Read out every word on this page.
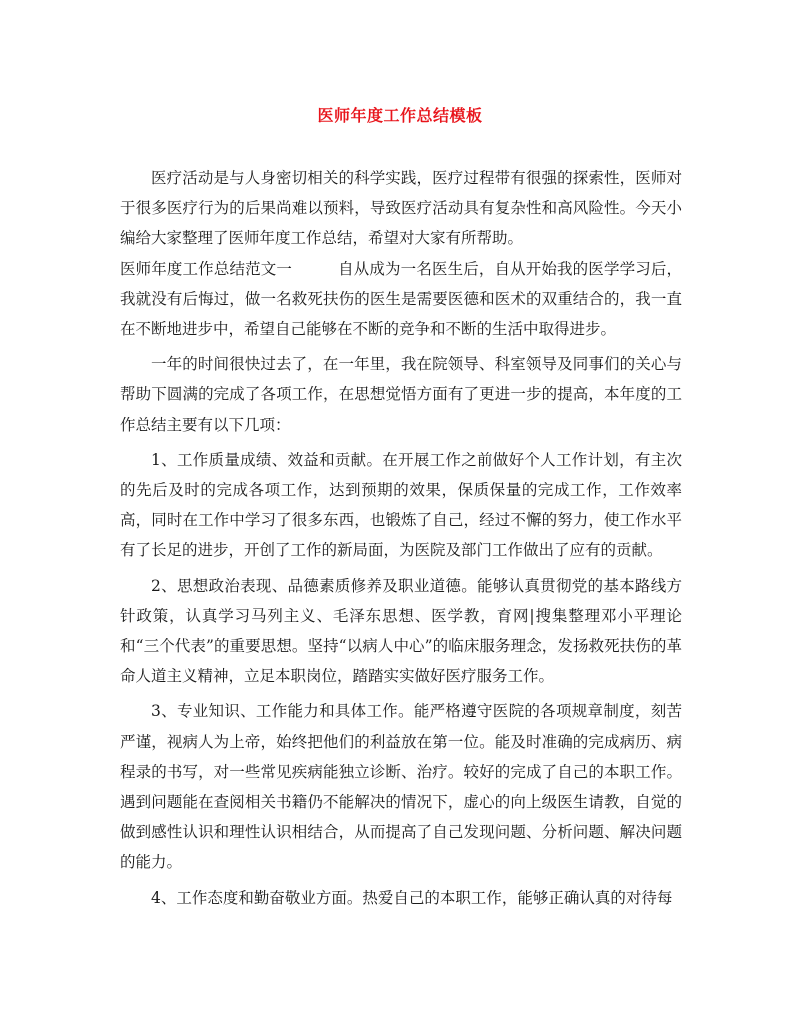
医师年度工作总结模板

医疗活动是与人身密切相关的科学实践，医疗过程带有很强的探索性，医师对于很多医疗行为的后果尚难以预料，导致医疗活动具有复杂性和高风险性。今天小编给大家整理了医师年度工作总结，希望对大家有所帮助。

医师年度工作总结范文一	自从成为一名医生后，自从开始我的医学学习后，我就没有后悔过，做一名救死扶伤的医生是需要医德和医术的双重结合的，我一直在不断地进步中，希望自己能够在不断的竞争和不断的生活中取得进步。

一年的时间很快过去了，在一年里，我在院领导、科室领导及同事们的关心与帮助下圆满的完成了各项工作，在思想觉悟方面有了更进一步的提高，本年度的工作总结主要有以下几项：

1、工作质量成绩、效益和贡献。在开展工作之前做好个人工作计划，有主次的先后及时的完成各项工作，达到预期的效果，保质保量的完成工作，工作效率高，同时在工作中学习了很多东西，也锻炼了自己，经过不懈的努力，使工作水平有了长足的进步，开创了工作的新局面，为医院及部门工作做出了应有的贡献。

2、思想政治表现、品德素质修养及职业道德。能够认真贯彻党的基本路线方针政策，认真学习马列主义、毛泽东思想、医学教，育网|搜集整理邓小平理论和“三个代表”的重要思想。坚持“以病人中心”的临床服务理念，发扬救死扶伤的革命人道主义精神，立足本职岗位，踏踏实实做好医疗服务工作。

3、专业知识、工作能力和具体工作。能严格遵守医院的各项规章制度，刻苦严谨，视病人为上帝，始终把他们的利益放在第一位。能及时准确的完成病历、病程录的书写，对一些常见疾病能独立诊断、治疗。较好的完成了自己的本职工作。遇到问题能在查阅相关书籍仍不能解决的情况下，虚心的向上级医生请教，自觉的做到感性认识和理性认识相结合，从而提高了自己发现问题、分析问题、解决问题的能力。

4、工作态度和勤奋敬业方面。热爱自己的本职工作，能够正确认真的对待每
